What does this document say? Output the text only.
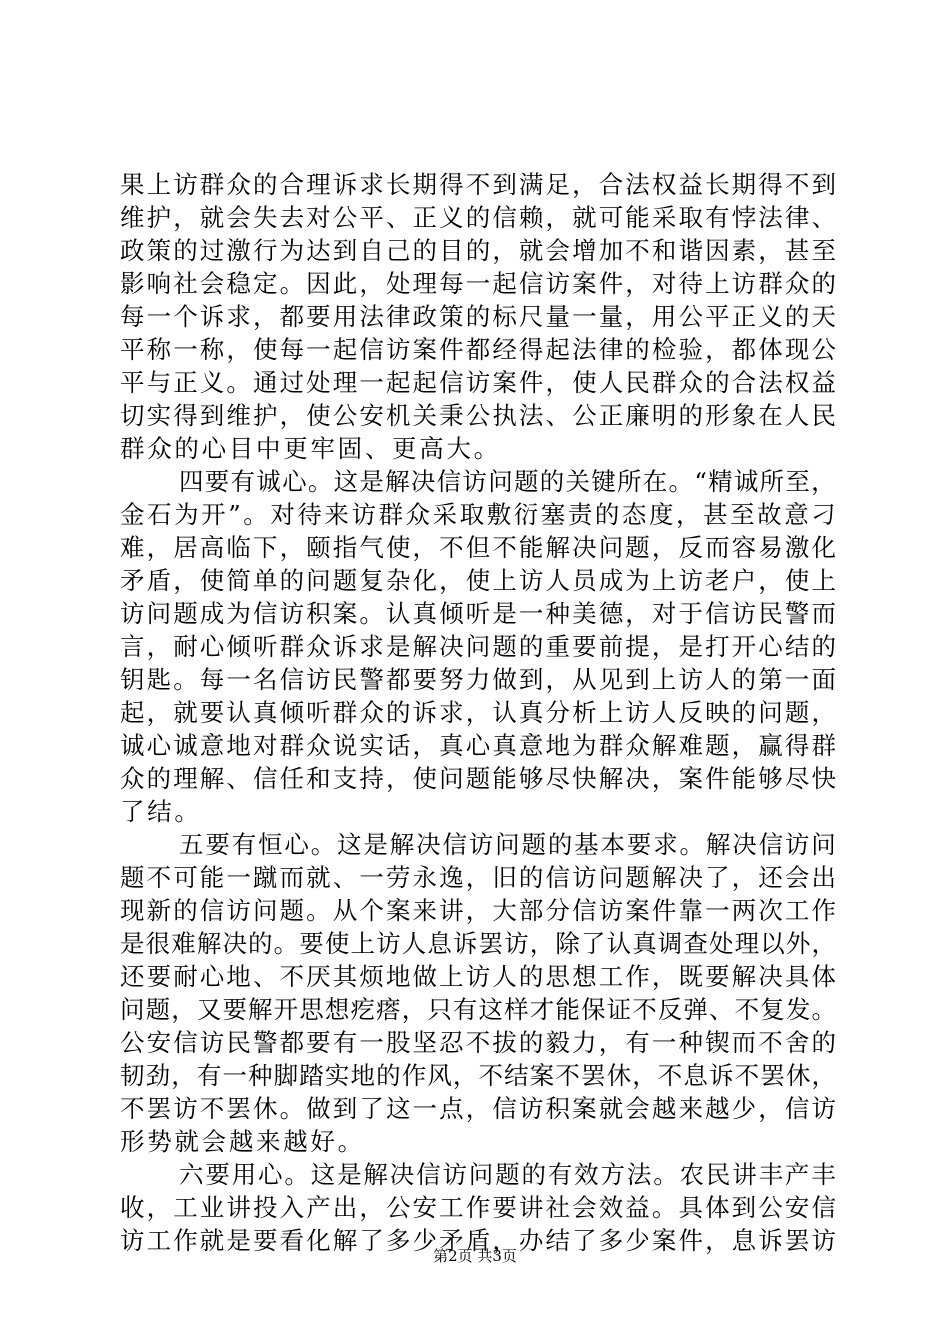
果 上 访 群 众 的 合 理 诉 求 长 期 得 不 到 满 足 ， 合 法 权 益 长 期 得 不 到
维 护 ， 就 会 失 去 对 公 平 、 正 义 的 信 赖 ， 就 可 能 采 取 有 悖 法 律 、
政 策 的 过 激 行 为 达 到 自 己 的 目 的 ， 就 会 增 加 不 和 谐 因 素 ， 甚 至
影 响 社 会 稳 定 。 因 此 ， 处 理 每 一 起 信 访 案 件 ， 对 待 上 访 群 众 的
每 一 个 诉 求 ， 都 要 用 法 律 政 策 的 标 尺 量 一 量 ， 用 公 平 正 义 的 天
平 称 一 称 ， 使 每 一 起 信 访 案 件 都 经 得 起 法 律 的 检 验 ， 都 体 现 公
平 与 正 义 。 通 过 处 理 一 起 起 信 访 案 件 ， 使 人 民 群 众 的 合 法 权 益
切 实 得 到 维 护 ， 使 公 安 机 关 秉 公 执 法 、 公 正 廉 明 的 形 象 在 人 民
群 众 的 心 目 中 更 牢 固 、 更 高 大 。
四 要 有 诚 心 。 这 是 解 决 信 访 问 题 的 关 键 所 在 。 “ 精 诚 所 至 ，
金 石 为 开 ” 。 对 待 来 访 群 众 采 取 敷 衍 塞 责 的 态 度 ， 甚 至 故 意 刁
难 ， 居 高 临 下 ， 颐 指 气 使 ， 不 但 不 能 解 决 问 题 ， 反 而 容 易 激 化
矛 盾 ， 使 简 单 的 问 题 复 杂 化 ， 使 上 访 人 员 成 为 上 访 老 户 ， 使 上
访 问 题 成 为 信 访 积 案 。 认 真 倾 听 是 一 种 美 德 ， 对 于 信 访 民 警 而
言 ， 耐 心 倾 听 群 众 诉 求 是 解 决 问 题 的 重 要 前 提 ， 是 打 开 心 结 的
钥 匙 。 每 一 名 信 访 民 警 都 要 努 力 做 到 ， 从 见 到 上 访 人 的 第 一 面
起 ， 就 要 认 真 倾 听 群 众 的 诉 求 ， 认 真 分 析 上 访 人 反 映 的 问 题 ，
诚 心 诚 意 地 对 群 众 说 实 话 ， 真 心 真 意 地 为 群 众 解 难 题 ， 赢 得 群
众 的 理 解 、 信 任 和 支 持 ， 使 问 题 能 够 尽 快 解 决 ， 案 件 能 够 尽 快
了 结 。
五 要 有 恒 心 。 这 是 解 决 信 访 问 题 的 基 本 要 求 。 解 决 信 访 问
题 不 可 能 一 蹴 而 就 、 一 劳 永 逸 ， 旧 的 信 访 问 题 解 决 了 ， 还 会 出
现 新 的 信 访 问 题 。 从 个 案 来 讲 ， 大 部 分 信 访 案 件 靠 一 两 次 工 作
是 很 难 解 决 的 。 要 使 上 访 人 息 诉 罢 访 ， 除 了 认 真 调 查 处 理 以 外 ，
还 要 耐 心 地 、 不 厌 其 烦 地 做 上 访 人 的 思 想 工 作 ， 既 要 解 决 具 体
问 题 ， 又 要 解 开 思 想 疙 瘩 ， 只 有 这 样 才 能 保 证 不 反 弹 、 不 复 发 。
公 安 信 访 民 警 都 要 有 一 股 坚 忍 不 拔 的 毅 力 ， 有 一 种 锲 而 不 舍 的
韧 劲 ， 有 一 种 脚 踏 实 地 的 作 风 ， 不 结 案 不 罢 休 ， 不 息 诉 不 罢 休 ，
不 罢 访 不 罢 休 。 做 到 了 这 一 点 ， 信 访 积 案 就 会 越 来 越 少 ， 信 访
形 势 就 会 越 来 越 好 。
六 要 用 心 。 这 是 解 决 信 访 问 题 的 有 效 方 法 。 农 民 讲 丰 产 丰
收 ， 工 业 讲 投 入 产 出 ， 公 安 工 作 要 讲 社 会 效 益 。 具 体 到 公 安 信
访 工 作 就 是 要 看 化 解 了 多 少 矛 盾 ， 办 结 了 多 少 案 件 ， 息 诉 罢 访
第2页 共3页
